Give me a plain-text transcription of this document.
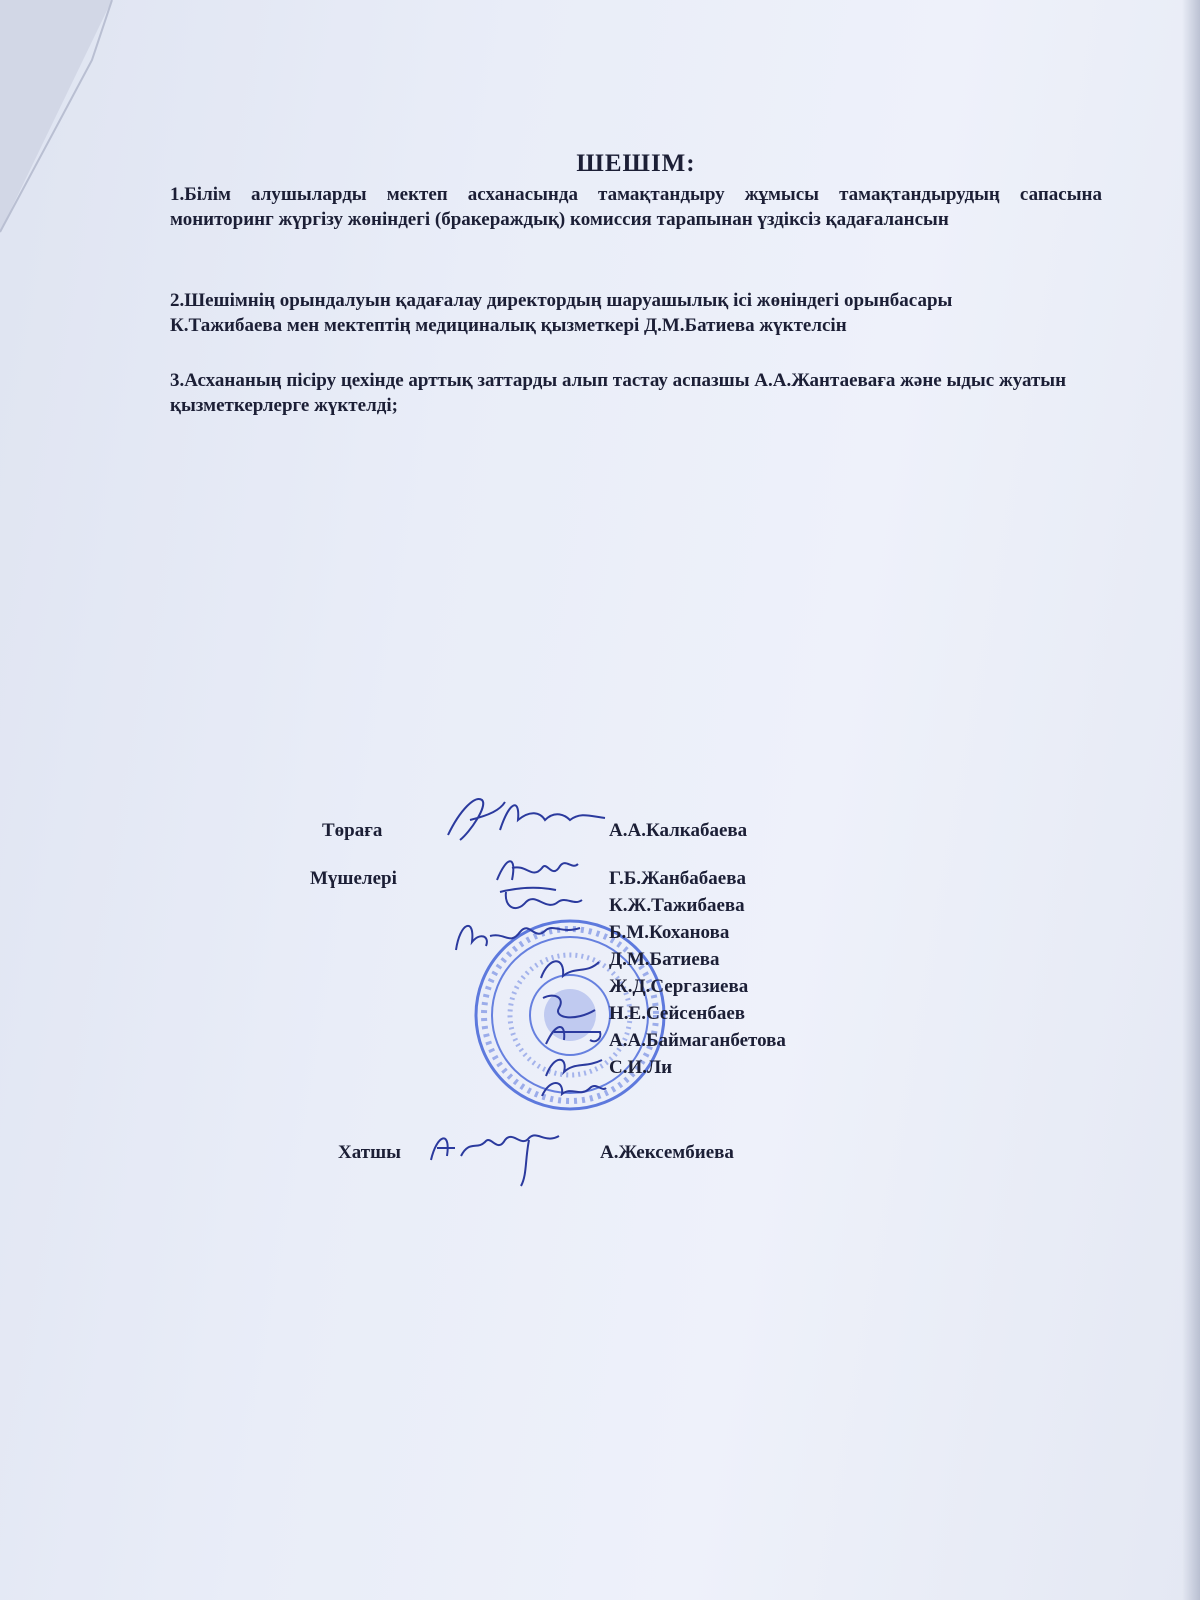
ШЕШІМ:

1.Білім алушыларды мектеп асханасында тамақтандыру жұмысы тамақтандырудың сапасына мониторинг жүргізу жөніндегі (бракераждық) комиссия тарапынан үздіксіз қадағалансын

2.Шешімнің орындалуын қадағалау директордың шаруашылық ісі жөніндегі орынбасары К.Тажибаева мен мектептің медициналық қызметкері Д.М.Батиева жүктелсін

3.Асхананың пісіру цехінде арттық заттарды алып тастау аспазшы А.А.Жантаеваға және ыдыс жуатын қызметкерлерге жүктелді;

Төраға	А.А.Калкабаева
Мүшелері	Г.Б.Жанбабаева
К.Ж.Тажибаева
Б.М.Коханова
Д.М.Батиева
Ж.Д.Сергазиева
Н.Е.Сейсенбаев
А.А.Баймаганбетова
С.И.Ли
Хатшы	А.Жексембиева
